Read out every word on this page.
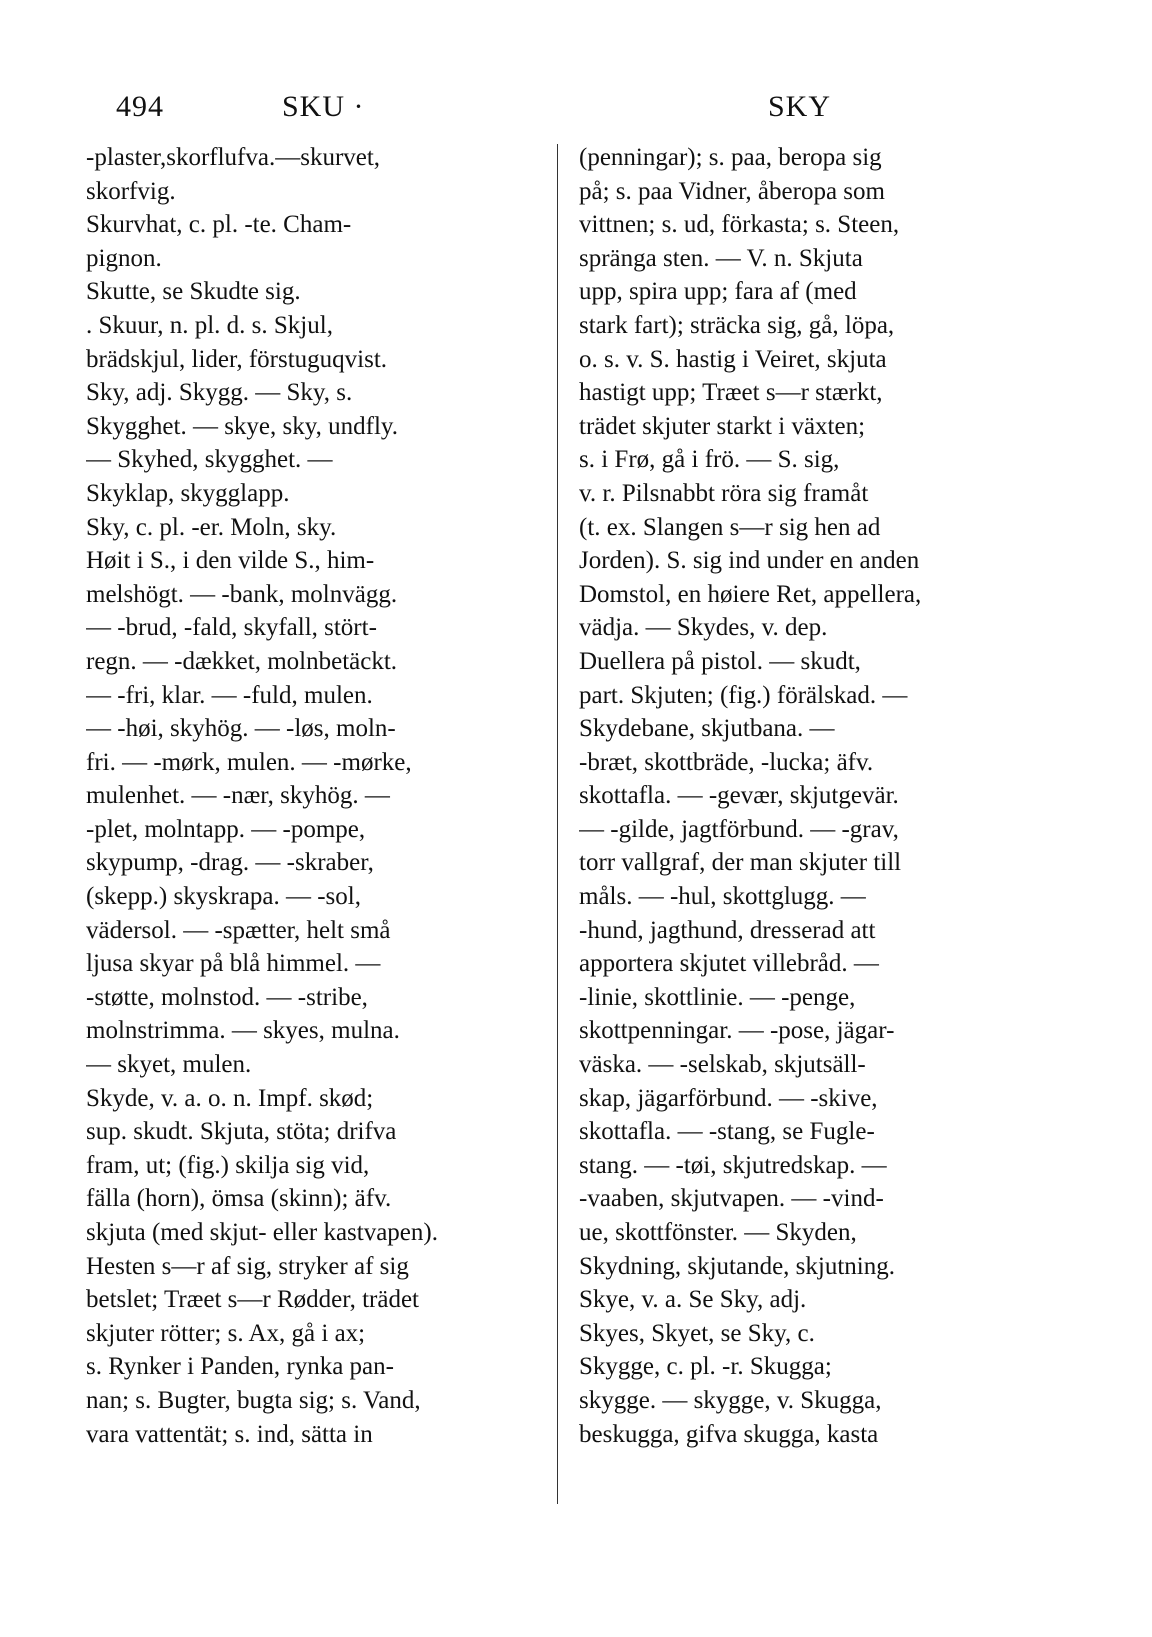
494	SKU ·	SKY
-plaster,skorflufva.—skurvet,
skorfvig.
Skurvhat, c. pl. -te. Cham-
pignon.
Skutte, se Skudte sig.
. Skuur, n. pl. d. s. Skjul,
brädskjul, lider, förstuguqvist.
Sky, adj. Skygg. — Sky, s.
Skygghet. — skye, sky, undfly.
— Skyhed, skygghet. —
Skyklap, skygglapp.
Sky, c. pl. -er. Moln, sky.
Høit i S., i den vilde S., him-
melshögt. — -bank, molnvägg.
— -brud, -fald, skyfall, stört-
regn. — -dækket, molnbetäckt.
— -fri, klar. — -fuld, mulen.
— -høi, skyhög. — -løs, moln-
fri. — -mørk, mulen. — -mørke,
mulenhet. — -nær, skyhög. —
-plet, molntapp. — -pompe,
skypump, -drag. — -skraber,
(skepp.) skyskrapa. — -sol,
vädersol. — -spætter, helt små
ljusa skyar på blå himmel. —
-støtte, molnstod. — -stribe,
molnstrimma. — skyes, mulna.
— skyet, mulen.
Skyde, v. a. o. n. Impf. skød;
sup. skudt. Skjuta, stöta; drifva
fram, ut; (fig.) skilja sig vid,
fälla (horn), ömsa (skinn); äfv.
skjuta (med skjut- eller kastvapen).
Hesten s—r af sig, stryker af sig
betslet; Træet s—r Rødder, trädet
skjuter rötter; s. Ax, gå i ax;
s. Rynker i Panden, rynka pan-
nan; s. Bugter, bugta sig; s. Vand,
vara vattentät; s. ind, sätta in
(penningar); s. paa, beropa sig
på; s. paa Vidner, åberopa som
vittnen; s. ud, förkasta; s. Steen,
spränga sten. — V. n. Skjuta
upp, spira upp; fara af (med
stark fart); sträcka sig, gå, löpa,
o. s. v. S. hastig i Veiret, skjuta
hastigt upp; Træet s—r stærkt,
trädet skjuter starkt i växten;
s. i Frø, gå i frö. — S. sig,
v. r. Pilsnabbt röra sig framåt
(t. ex. Slangen s—r sig hen ad
Jorden). S. sig ind under en anden
Domstol, en høiere Ret, appellera,
vädja. — Skydes, v. dep.
Duellera på pistol. — skudt,
part. Skjuten; (fig.) förälskad. —
Skydebane, skjutbana. —
-bræt, skottbräde, -lucka; äfv.
skottafla. — -gevær, skjutgevär.
— -gilde, jagtförbund. — -grav,
torr vallgraf, der man skjuter till
måls. — -hul, skottglugg. —
-hund, jagthund, dresserad att
apportera skjutet villebråd. —
-linie, skottlinie. — -penge,
skottpenningar. — -pose, jägar-
väska. — -selskab, skjutsäll-
skap, jägarförbund. — -skive,
skottafla. — -stang, se Fugle-
stang. — -tøi, skjutredskap. —
-vaaben, skjutvapen. — -vind-
ue, skottfönster. — Skyden,
Skydning, skjutande, skjutning.
Skye, v. a. Se Sky, adj.
Skyes, Skyet, se Sky, c.
Skygge, c. pl. -r. Skugga;
skygge. — skygge, v. Skugga,
beskugga, gifva skugga, kasta
